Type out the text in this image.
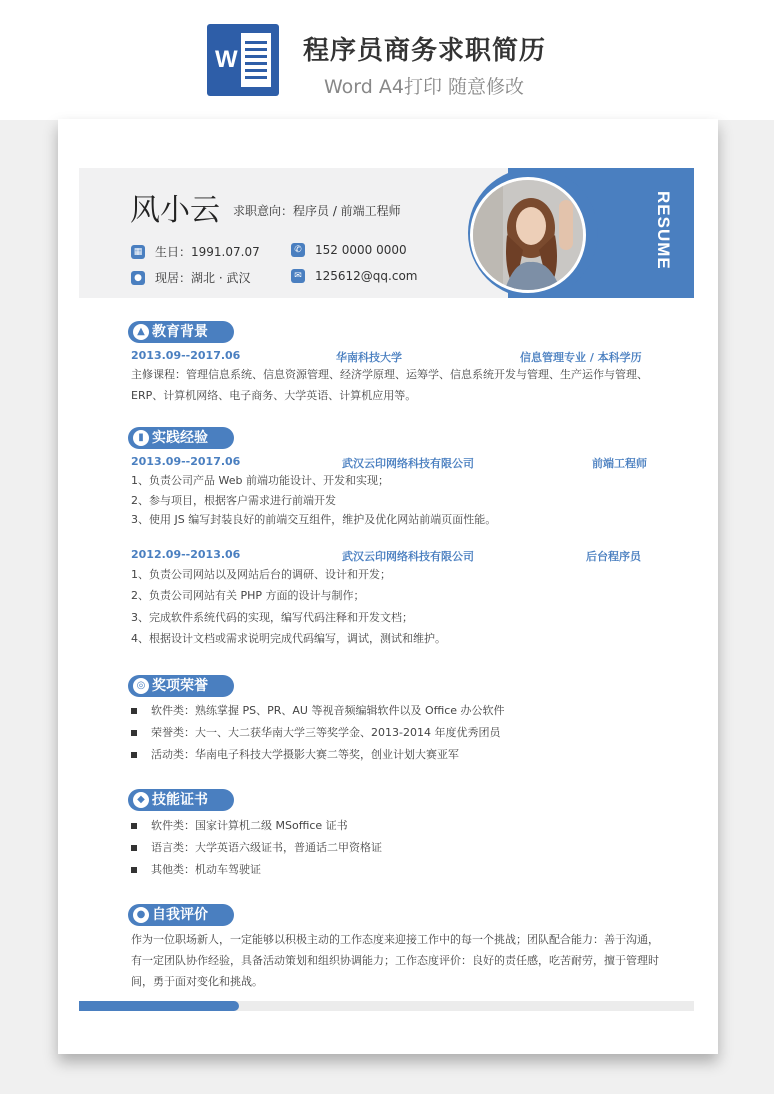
W	程序员商务求职简历
Word A4打印 随意修改
RESUME
风小云 求职意向：程序员 / 前端工程师
▦ 生日：1991.07.07
● 现居：湖北 · 武汉
✆ 152 0000 0000
✉ 125612@qq.com
▲ 教育背景
2013.09--2017.06	华南科技大学	信息管理专业 / 本科学历
主修课程：管理信息系统、信息资源管理、经济学原理、运筹学、信息系统开发与管理、生产运作与管理、ERP、计算机网络、电子商务、大学英语、计算机应用等。
▮ 实践经验
2013.09--2017.06	武汉云印网络科技有限公司	前端工程师
1、负责公司产品 Web 前端功能设计、开发和实现；
2、参与项目，根据客户需求进行前端开发
3、使用 JS 编写封装良好的前端交互组件，维护及优化网站前端页面性能。
2012.09--2013.06	武汉云印网络科技有限公司	后台程序员
1、负责公司网站以及网站后台的调研、设计和开发；
2、负责公司网站有关 PHP 方面的设计与制作；
3、完成软件系统代码的实现，编写代码注释和开发文档；
4、根据设计文档或需求说明完成代码编写，调试，测试和维护。
◎ 奖项荣誉
软件类：熟练掌握 PS、PR、AU 等视音频编辑软件以及 Office 办公软件
荣誉类：大一、大二获华南大学三等奖学金、2013-2014 年度优秀团员
活动类：华南电子科技大学摄影大赛二等奖，创业计划大赛亚军
◆ 技能证书
软件类：国家计算机二级 MSoffice 证书
语言类：大学英语六级证书，普通话二甲资格证
其他类：机动车驾驶证
● 自我评价
作为一位职场新人，一定能够以积极主动的工作态度来迎接工作中的每一个挑战；团队配合能力：善于沟通，有一定团队协作经验，具备活动策划和组织协调能力；工作态度评价：良好的责任感，吃苦耐劳，擅于管理时间，勇于面对变化和挑战。
